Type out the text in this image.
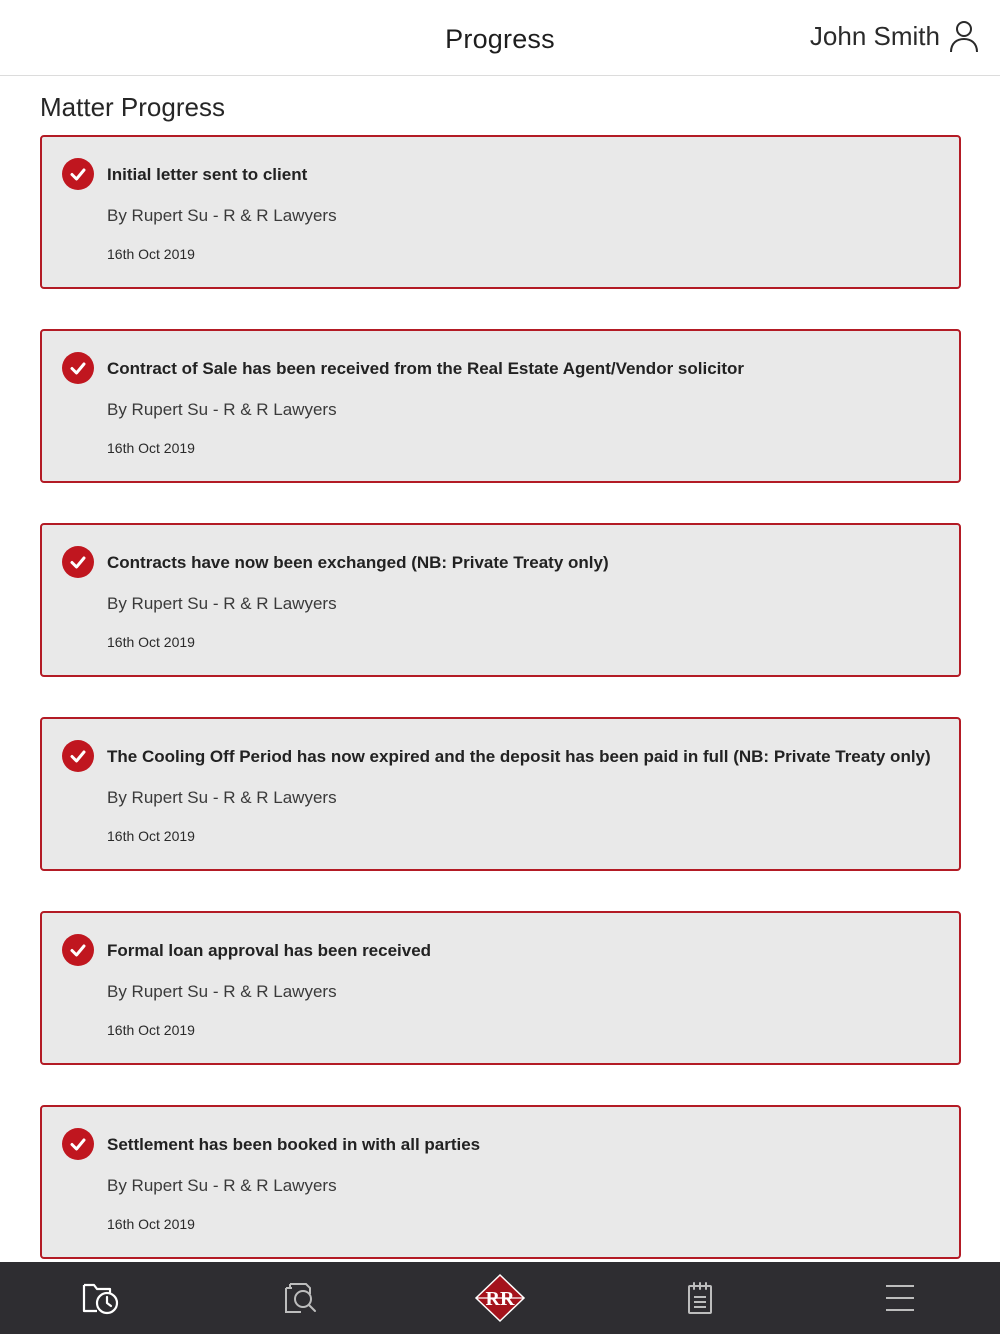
Progress	John Smith
Matter Progress
Initial letter sent to client
By Rupert Su - R & R Lawyers
16th Oct 2019
Contract of Sale has been received from the Real Estate Agent/Vendor solicitor
By Rupert Su - R & R Lawyers
16th Oct 2019
Contracts have now been exchanged (NB: Private Treaty only)
By Rupert Su - R & R Lawyers
16th Oct 2019
The Cooling Off Period has now expired and the deposit has been paid in full (NB: Private Treaty only)
By Rupert Su - R & R Lawyers
16th Oct 2019
Formal loan approval has been received
By Rupert Su - R & R Lawyers
16th Oct 2019
Settlement has been booked in with all parties
By Rupert Su - R & R Lawyers
16th Oct 2019
RR
